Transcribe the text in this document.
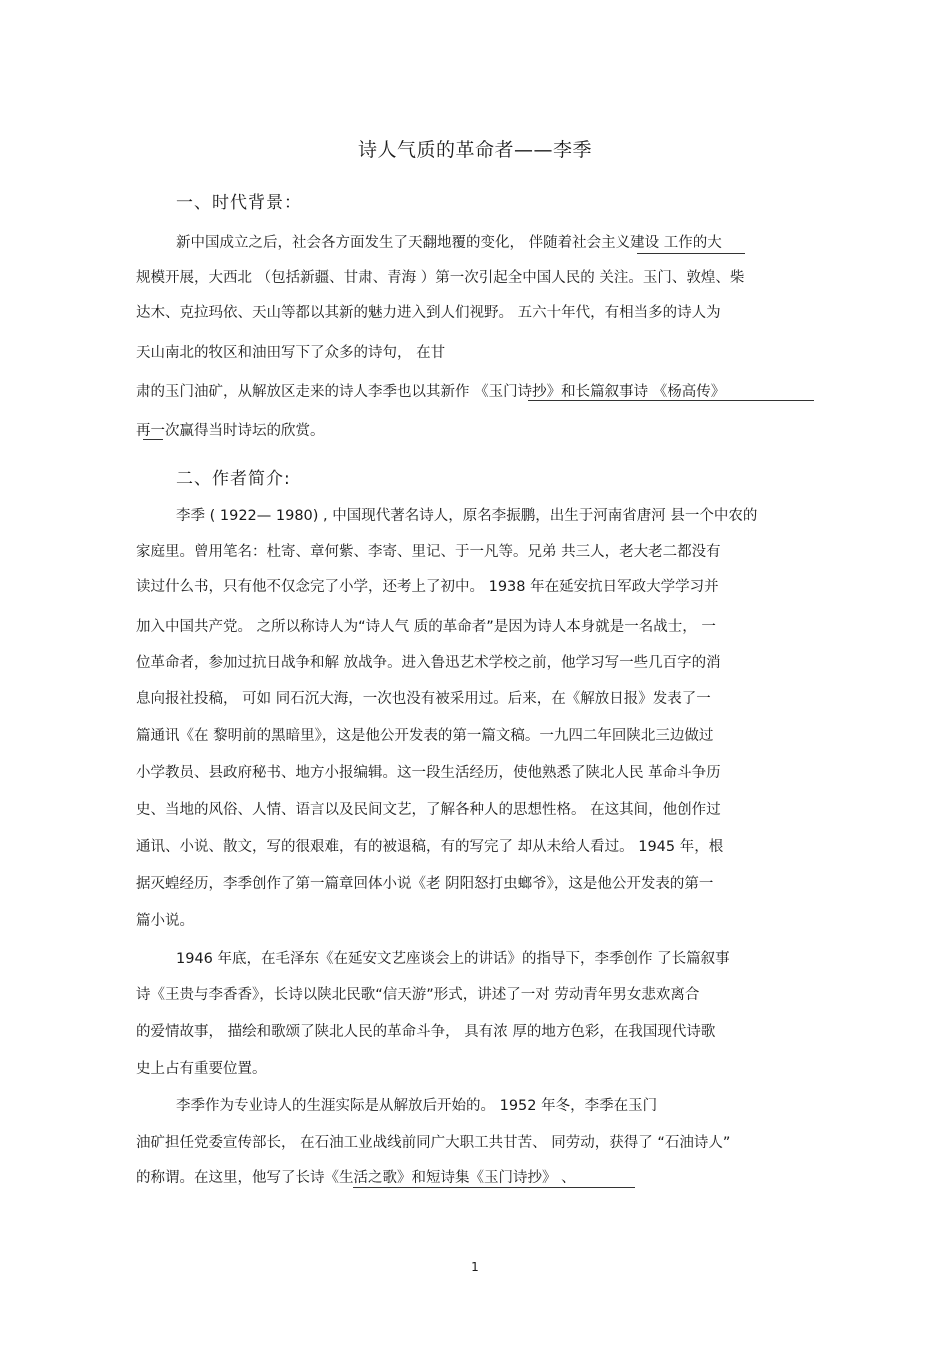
诗人气质的革命者——李季
一、时代背景：
新中国成立之后，社会各方面发生了天翻地覆的变化， 伴随着社会主义建设 工作的大
规模开展，大西北 （包括新疆、甘肃、青海 ）第一次引起全中国人民的 关注。玉门、敦煌、柴
达木、克拉玛依、天山等都以其新的魅力进入到人们视野。 五六十年代，有相当多的诗人为
天山南北的牧区和油田写下了众多的诗句， 在甘
肃的玉门油矿，从解放区走来的诗人李季也以其新作 《玉门诗抄》和长篇叙事诗 《杨高传》
再一次赢得当时诗坛的欣赏。
二、作者简介:
李季 ( 1922— 1980) , 中国现代著名诗人，原名李振鹏，出生于河南省唐河 县一个中农的
家庭里。曾用笔名：杜寄、章何紫、李寄、里记、于一凡等。兄弟 共三人，老大老二都没有
读过什么书，只有他不仅念完了小学，还考上了初中。 1938 年在延安抗日军政大学学习并
加入中国共产党。 之所以称诗人为“诗人气 质的革命者”是因为诗人本身就是一名战士， 一
位革命者，参加过抗日战争和解 放战争。进入鲁迅艺术学校之前，他学习写一些几百字的消
息向报社投稿， 可如 同石沉大海，一次也没有被采用过。后来，在《解放日报》发表了一
篇通讯《在 黎明前的黑暗里》，这是他公开发表的第一篇文稿。一九四二年回陕北三边做过
小学教员、县政府秘书、地方小报编辑。这一段生活经历，使他熟悉了陕北人民 革命斗争历
史、当地的风俗、人情、语言以及民间文艺，了解各种人的思想性格。 在这其间，他创作过
通讯、小说、散文，写的很艰难，有的被退稿，有的写完了 却从未给人看过。 1945 年，根
据灭蝗经历，李季创作了第一篇章回体小说《老 阴阳怒打虫螂爷》，这是他公开发表的第一
篇小说。
1946 年底，在毛泽东《在延安文艺座谈会上的讲话》的指导下，李季创作 了长篇叙事
诗《王贵与李香香》，长诗以陕北民歌“信天游”形式，讲述了一对 劳动青年男女悲欢离合
的爱情故事， 描绘和歌颂了陕北人民的革命斗争， 具有浓 厚的地方色彩，在我国现代诗歌
史上占有重要位置。
李季作为专业诗人的生涯实际是从解放后开始的。 1952 年冬，李季在玉门
油矿担任党委宣传部长， 在石油工业战线前同广大职工共甘苦、 同劳动，获得了 “石油诗人”
的称谓。在这里，他写了长诗《生活之歌》和短诗集《玉门诗抄》 、
1
